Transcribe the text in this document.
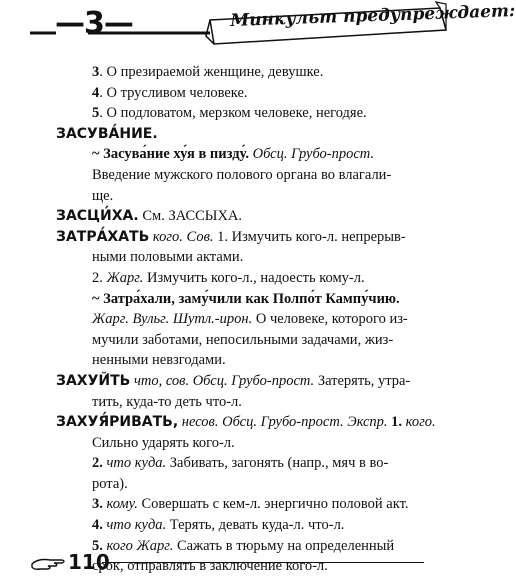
—3—	Минкульт предупреждает:
3. О презираемой женщине, девушке.
4. О трусливом человеке.
5. О подловатом, мерзком человеке, негодяе.
ЗАСУВА́НИЕ.
~ Засува́ние ху́я в пизду́. Обсц. Грубо-прост.
Введение мужского полового органа во влагали-
ще.
ЗАСЦИ́ХА. См. ЗАССЫХА.
ЗАТРА́ХАТЬ кого. Сов. 1. Измучить кого-л. непрерыв-
ными половыми актами.
2. Жарг. Измучить кого-л., надоесть кому-л.
~ Затра́хали, заму́чили как Полпо́т Кампу́чию.
Жарг. Вульг. Шутл.-ирон. О человеке, которого из-
мучили заботами, непосильными задачами, жиз-
ненными невзгодами.
ЗАХУЙ́ТЬ что, сов. Обсц. Грубо-прост. Затерять, утра-
тить, куда-то деть что-л.
ЗАХУЯ́РИВАТЬ, несов. Обсц. Грубо-прост. Экспр. 1. кого.
Сильно ударять кого-л.
2. что куда. Забивать, загонять (напр., мяч в во-
рота).
3. кому. Совершать с кем-л. энергично половой акт.
4. что куда. Терять, девать куда-л. что-л.
5. кого Жарг. Сажать в тюрьму на определенный
срок, отправлять в заключение кого-л.
110
